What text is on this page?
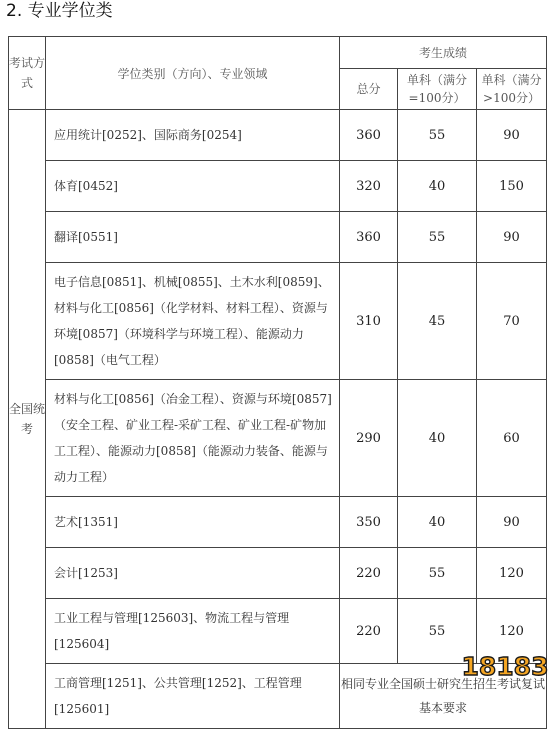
2. 专业学位类
考试方式	学位类别（方向）、专业领域	考生成绩		
		总分	单科（满分=100分）	单科（满分>100分）
全国统考	应用统计[0252]、国际商务[0254]	360	55	90
	体育[0452]	320	40	150
	翻译[0551]	360	55	90
	电子信息[0851]、机械[0855]、土木水利[0859]、材料与化工[0856]（化学材料、材料工程）、资源与环境[0857]（环境科学与环境工程）、能源动力[0858]（电气工程）	310	45	70
	材料与化工[0856]（冶金工程）、资源与环境[0857]（安全工程、矿业工程-采矿工程、矿业工程-矿物加工工程）、能源动力[0858]（能源动力装备、能源与动力工程）	290	40	60
	艺术[1351]	350	40	90
	会计[1253]	220	55	120
	工业工程与管理[125603]、物流工程与管理[125604]	220	55	120
	工商管理[1251]、公共管理[1252]、工程管理[125601]	相同专业全国硕士研究生招生考试复试基本要求		
18183
